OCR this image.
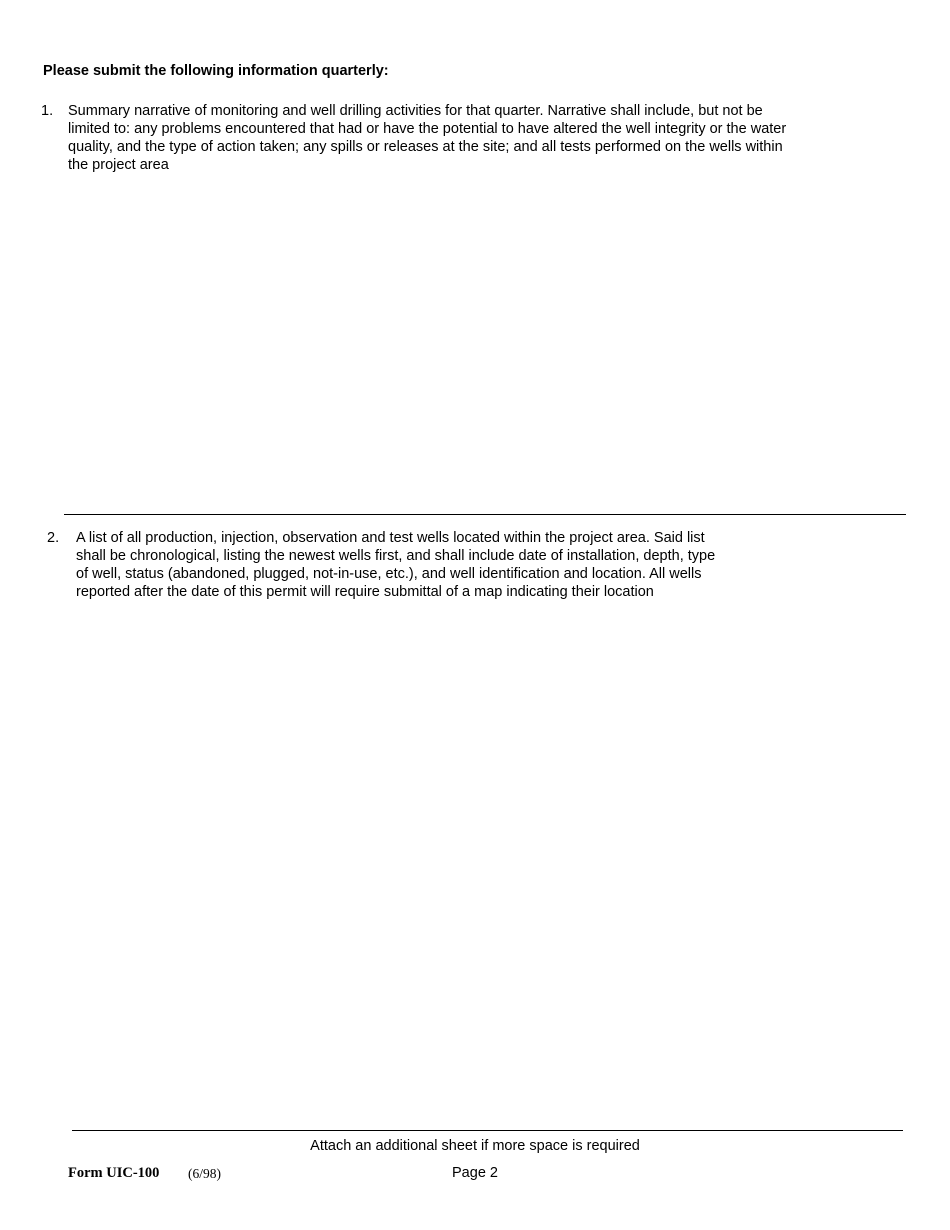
Please submit the following information quarterly:
1. Summary narrative of monitoring and well drilling activities for that quarter. Narrative shall include, but not be
limited to: any problems encountered that had or have the potential to have altered the well integrity or the water
quality, and the type of action taken; any spills or releases at the site; and all tests performed on the wells within
the project area
2. A list of all production, injection, observation and test wells located within the project area. Said list
shall be chronological, listing the newest wells first, and shall include date of installation, depth, type
of well, status (abandoned, plugged, not-in-use, etc.), and well identification and location. All wells
reported after the date of this permit will require submittal of a map indicating their location
Attach an additional sheet if more space is required
Form UIC-100 (6/98)	Page 2
